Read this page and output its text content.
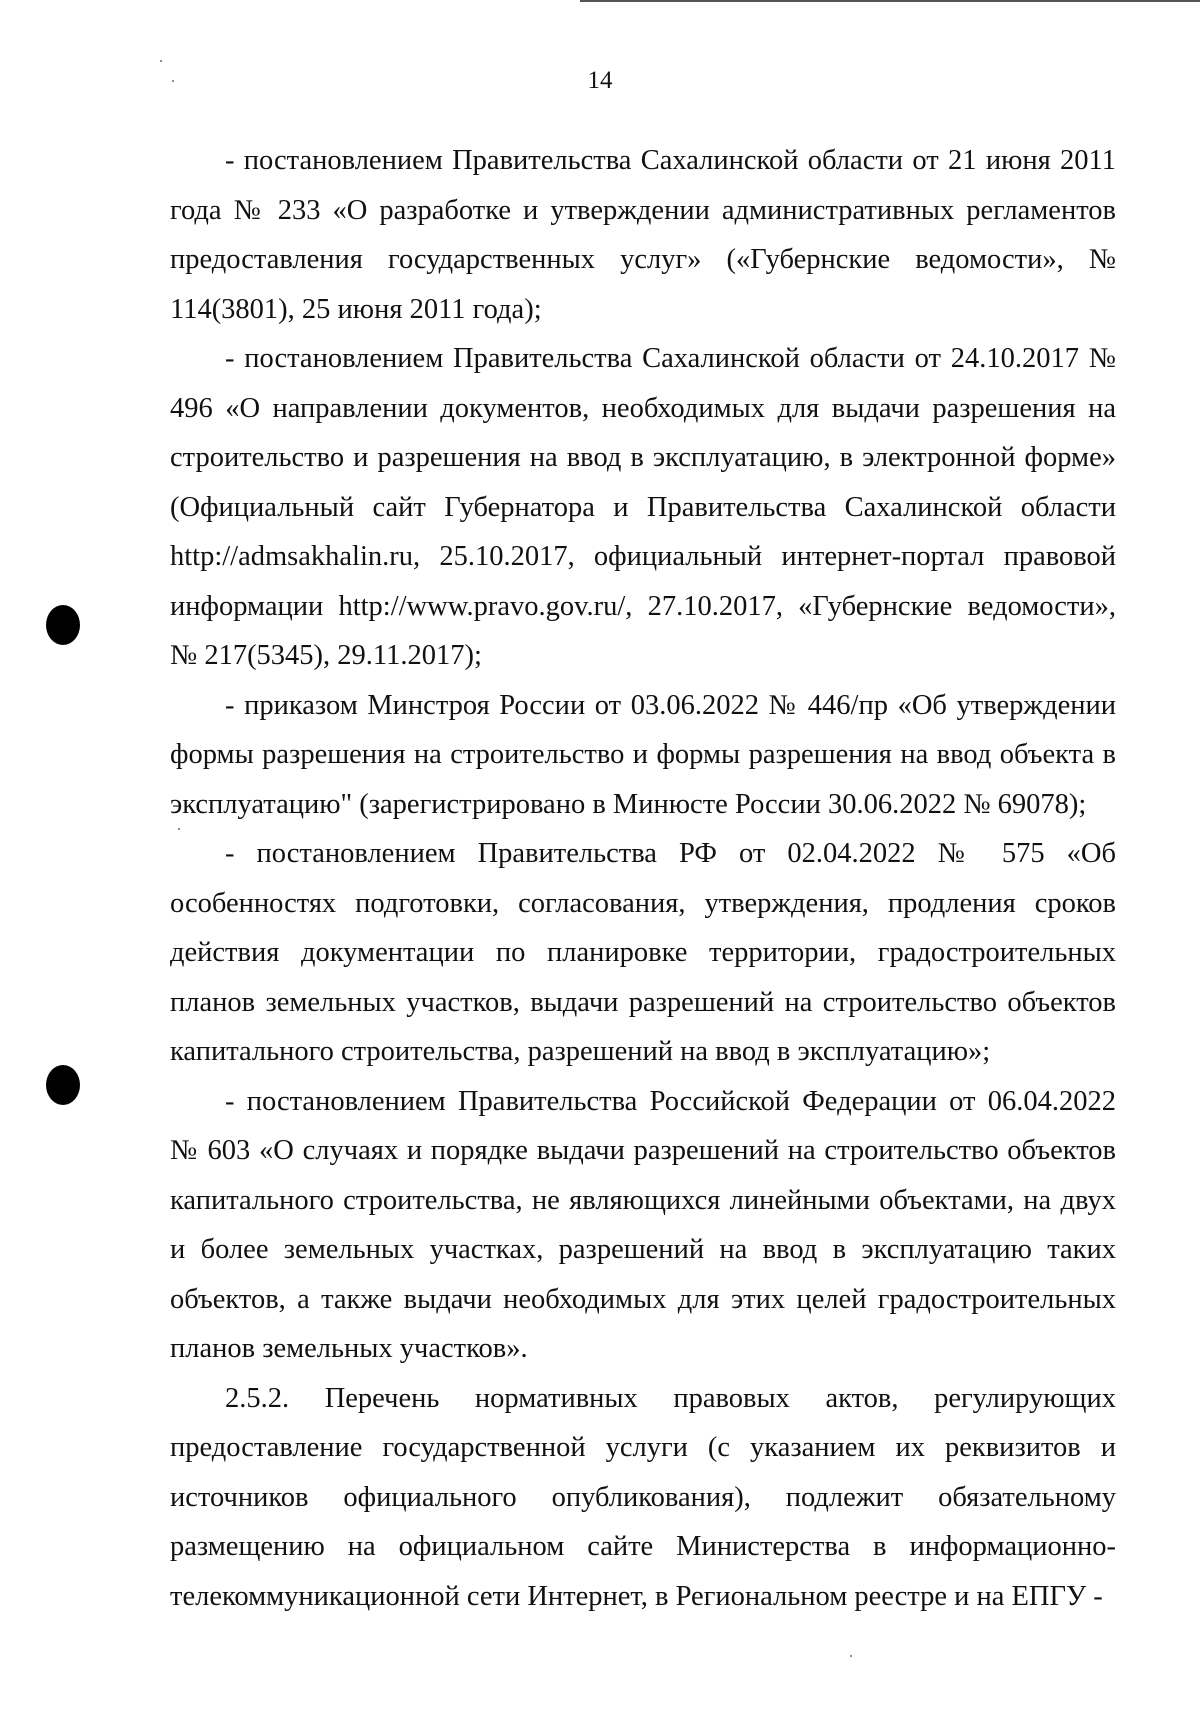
14

- постановлением Правительства Сахалинской области от 21 июня 2011 года № 233 «О разработке и утверждении административных регламентов предоставления государственных услуг» («Губернские ведомости», № 114(3801), 25 июня 2011 года);

- постановлением Правительства Сахалинской области от 24.10.2017 № 496 «О направлении документов, необходимых для выдачи разрешения на строительство и разрешения на ввод в эксплуатацию, в электронной форме» (Официальный сайт Губернатора и Правительства Сахалинской области http://admsakhalin.ru, 25.10.2017, официальный интернет-портал правовой информации http://www.pravo.gov.ru/, 27.10.2017, «Губернские ведомости», № 217(5345), 29.11.2017);

- приказом Минстроя России от 03.06.2022 № 446/пр «Об утверждении формы разрешения на строительство и формы разрешения на ввод объекта в эксплуатацию" (зарегистрировано в Минюсте России 30.06.2022 № 69078);

- постановлением Правительства РФ от 02.04.2022 № 575 «Об особенностях подготовки, согласования, утверждения, продления сроков действия документации по планировке территории, градостроительных планов земельных участков, выдачи разрешений на строительство объектов капитального строительства, разрешений на ввод в эксплуатацию»;

- постановлением Правительства Российской Федерации от 06.04.2022 № 603 «О случаях и порядке выдачи разрешений на строительство объектов капитального строительства, не являющихся линейными объектами, на двух и более земельных участках, разрешений на ввод в эксплуатацию таких объектов, а также выдачи необходимых для этих целей градостроительных планов земельных участков».

2.5.2. Перечень нормативных правовых актов, регулирующих предоставление государственной услуги (с указанием их реквизитов и источников официального опубликования), подлежит обязательному размещению на официальном сайте Министерства в информационно-телекоммуникационной сети Интернет, в Региональном реестре и на ЕПГУ -
